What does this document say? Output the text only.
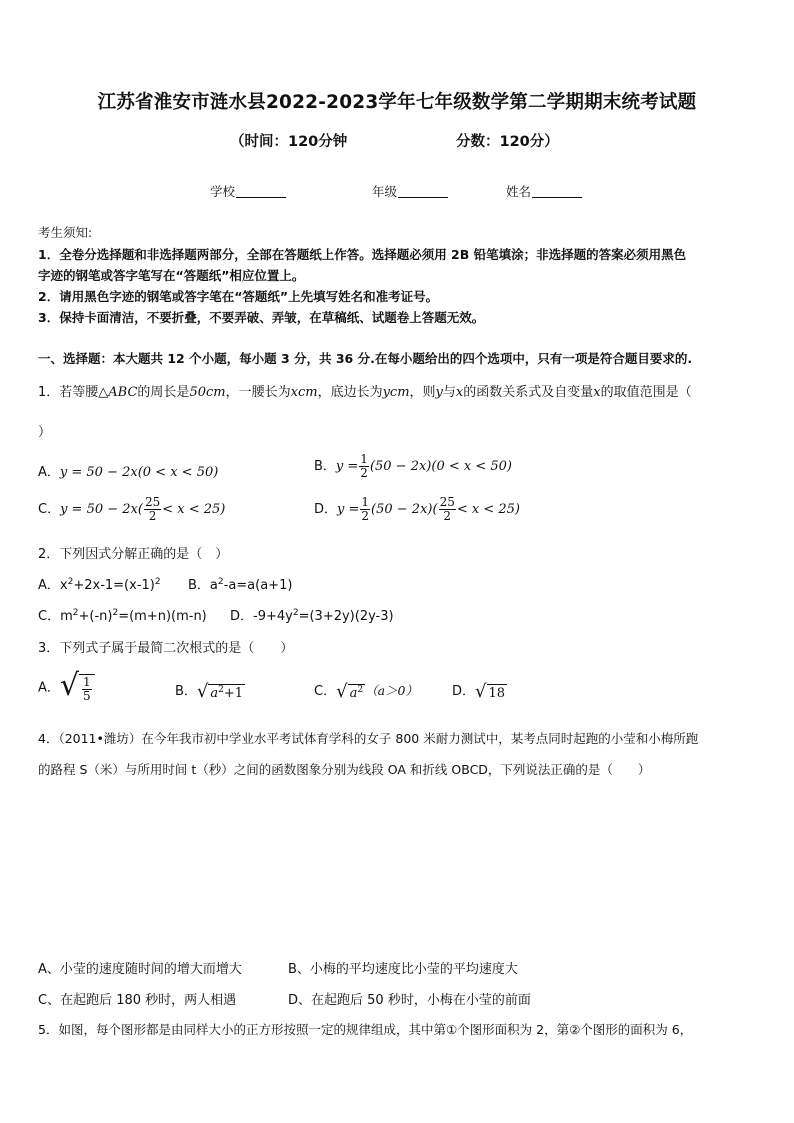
江苏省淮安市涟水县2022-2023学年七年级数学第二学期期末统考试题
（时间：120分钟	分数：120分）
学校	年级	姓名
考生须知:
1．全卷分选择题和非选择题两部分，全部在答题纸上作答。选择题必须用 2B 铅笔填涂；非选择题的答案必须用黑色
字迹的钢笔或答字笔写在“答题纸”相应位置上。
2．请用黑色字迹的钢笔或答字笔在“答题纸”上先填写姓名和准考证号。
3．保持卡面清洁，不要折叠，不要弄破、弄皱，在草稿纸、试题卷上答题无效。
一、选择题：本大题共 12 个小题，每小题 3 分，共 36 分.在每小题给出的四个选项中，只有一项是符合题目要求的.
1．若等腰△ABC的周长是50cm，一腰长为xcm，底边长为ycm，则y与x的函数关系式及自变量x的取值范围是（
）
A．y = 50 − 2x(0 < x < 50)	B．$y = \frac{1}{2} (50 - 2x)(0 < x < 50)$
C．$y = 50 - 2x( \frac{25}{2} < x < 25)$	D．$y = \frac{1}{2} (50 - 2x)( \frac{25}{2} < x < 25)$
2．下列因式分解正确的是（　）
A．$x^2+2x-1=(x-1)^2$ B．$a^2-a=a(a+1)$
C．$m^2+(-n)^2=(m+n)(m-n)$ D．$-9+4y^2=(3+2y)(2y-3)$
3．下列式子属于最简二次根式的是（　　）
A． √ $\frac{1}{5}$	B． √ $a^2+1$	C． √ $a^2$ （a＞0）	D． √ 18
4．（2011•潍坊）在今年我市初中学业水平考试体育学科的女子 800 米耐力测试中，某考点同时起跑的小莹和小梅所跑
的路程 S（米）与所用时间 t（秒）之间的函数图象分别为线段 OA 和折线 OBCD，下列说法正确的是（　　）
A、小莹的速度随时间的增大而增大	B、小梅的平均速度比小莹的平均速度大
C、在起跑后 180 秒时，两人相遇	D、在起跑后 50 秒时，小梅在小莹的前面
5．如图，每个图形都是由同样大小的正方形按照一定的规律组成，其中第①个图形面积为 2，第②个图形的面积为 6，
